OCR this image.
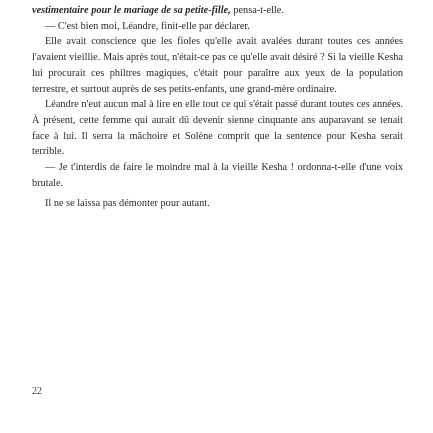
vestimentaire pour le mariage de sa petite-fille, pensa-t-elle.

— C'est bien moi, Léandre, finit-elle par déclarer.

Elle avait conscience que les fioles qu'elle avait avalées durant toutes ces années l'avaient vieillie. Mais après tout, n'était-ce pas ce qu'elle avait désiré ? Si la vieille Kesha lui procurait ces philtres magiques, c'était pour paraître aux yeux de la population terrestre, et surtout auprès de ses petits-enfants, une grand-mère ordinaire.

Léandre n'eut aucun mal à lire en elle tout ce qui s'était passé durant toutes ces années. À présent, cette femme qui aurait dû devenir sienne cinquante ans auparavant se tenait face à lui. Il serra la mâchoire et Solène comprit que la sentence pour Kesha serait terrible.

— Je t'interdis de faire le moindre mal à la vieille Kesha ! ordonna-t-elle d'une voix brutale.

Il ne se laissa pas démonter pour autant.

22
